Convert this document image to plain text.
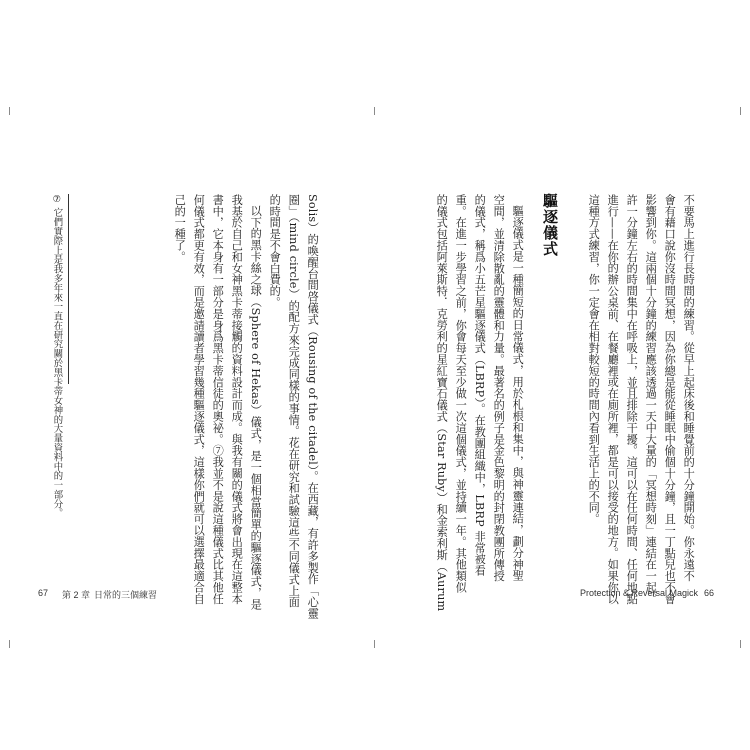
不要馬上進行長時間的練習。從早上起床後和睡覺前的十分鐘開始。你永遠不
會有藉口說你沒時間冥想，因為你總是能從睡眠中偷個十分鐘，且一丁點兒也不會
影響到你。這兩個十分鐘的練習應該透過一天中大量的「冥想時刻」連結在一起。
許一分鐘左右的時間集中在呼吸上，並且排除干擾。這可以在任何時間、任何地點
進行——在你的辦公桌前、在餐廳裡或在廁所裡，都是可以接受的地方。如果你以
這種方式練習，你一定會在相對較短的時間內看到生活上的不同。
驅逐儀式
驅逐儀式是一種簡短的日常儀式，用於札根和集中，與神靈連結，劃分神聖
空間，並清除散亂的靈體和力量。最著名的例子是金色黎明的封閉教團所傳授
的儀式，稱爲小五芒星驅逐儀式（LBRP）。在教團組織中，LBRP 非常被看
重。在進一步學習之前，你會每天至少做一次這個儀式，並持續一年。其他類似
的儀式包括阿萊斯特．克勞利的星紅寶石儀式（Star Ruby）和金索利斯（Aurum	Protection & Reversal Magick 66
Solis）的喚醒台間啓儀式（Rousing of the citadel）。在西藏，有許多製作「心靈
圈」（mind circle）的配方來完成同樣的事情。花在研究和試驗這些不同儀式上面
的時間是不會白費的。
以下的黑卡絲之球（Sphere of Hekas）儀式，是一個相當簡單的驅逐儀式，是
我基於自己和女神黑卡蒂接觸的資料設計而成。與我有關的儀式將會出現在這整本
書中，它本身有一部分是身爲黑卡蒂信徒的奧祕。⑦我並不是說這種儀式比其他任
何儀式都更有效，而是邀請讀者學習幾種驅逐儀式，這樣你們就可以選擇最適合自
己的一種了。
⑦ 它們實際上是我多年來一直在研究關於黑卡蒂女神的大量資料中的一部分。
67 第 2 章 日常的三個練習
